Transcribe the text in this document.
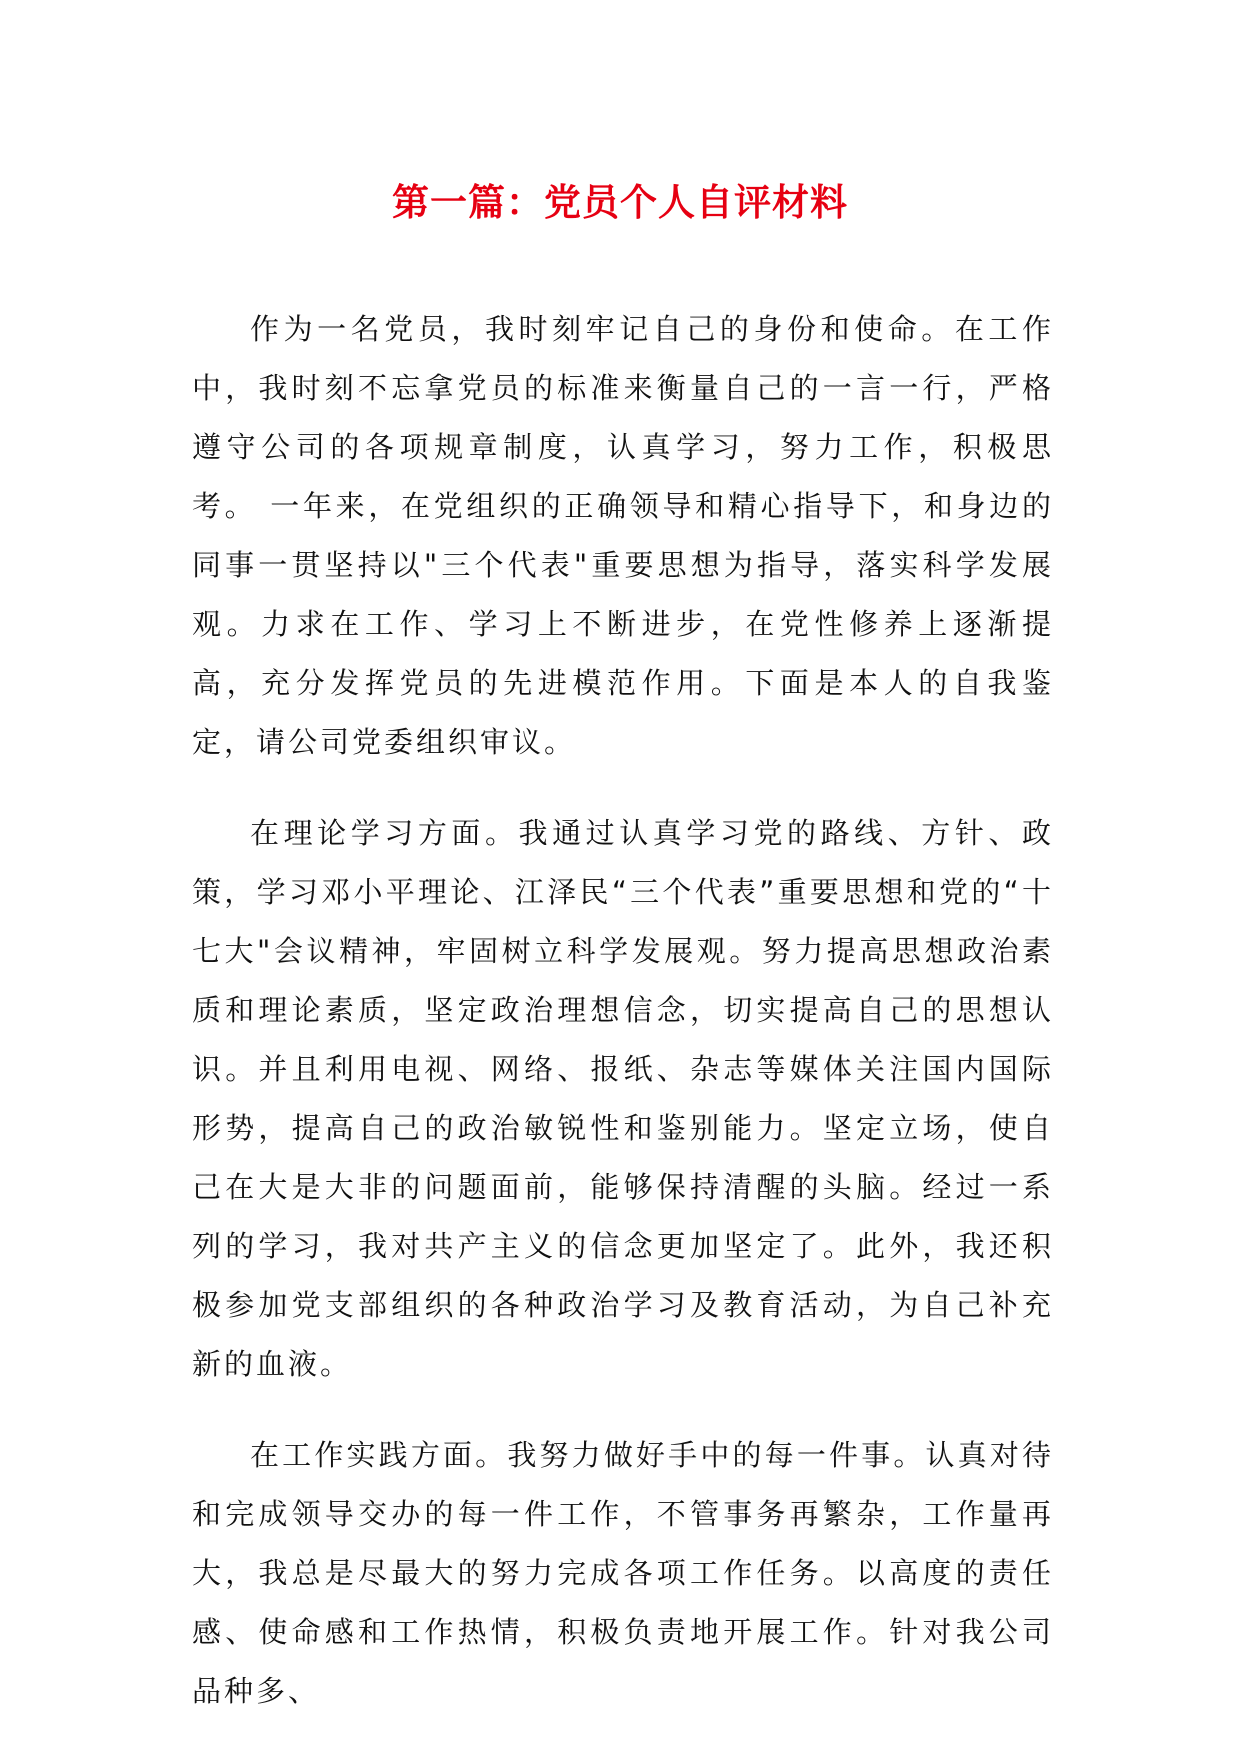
第一篇：党员个人自评材料

作为一名党员，我时刻牢记自己的身份和使命。在工作中，我时刻不忘拿党员的标准来衡量自己的一言一行，严格遵守公司的各项规章制度，认真学习，努力工作，积极思考。 一年来，在党组织的正确领导和精心指导下，和身边的同事一贯坚持以"三个代表"重要思想为指导，落实科学发展观。力求在工作、学习上不断进步，在党性修养上逐渐提高，充分发挥党员的先进模范作用。下面是本人的自我鉴定，请公司党委组织审议。

在理论学习方面。我通过认真学习党的路线、方针、政策，学习邓小平理论、江泽民“三个代表”重要思想和党的“十七大"会议精神，牢固树立科学发展观。努力提高思想政治素质和理论素质，坚定政治理想信念，切实提高自己的思想认识。并且利用电视、网络、报纸、杂志等媒体关注国内国际形势，提高自己的政治敏锐性和鉴别能力。坚定立场，使自己在大是大非的问题面前，能够保持清醒的头脑。经过一系列的学习，我对共产主义的信念更加坚定了。此外，我还积极参加党支部组织的各种政治学习及教育活动，为自己补充新的血液。

在工作实践方面。我努力做好手中的每一件事。认真对待和完成领导交办的每一件工作，不管事务再繁杂，工作量再大，我总是尽最大的努力完成各项工作任务。以高度的责任感、使命感和工作热情，积极负责地开展工作。针对我公司品种多、
